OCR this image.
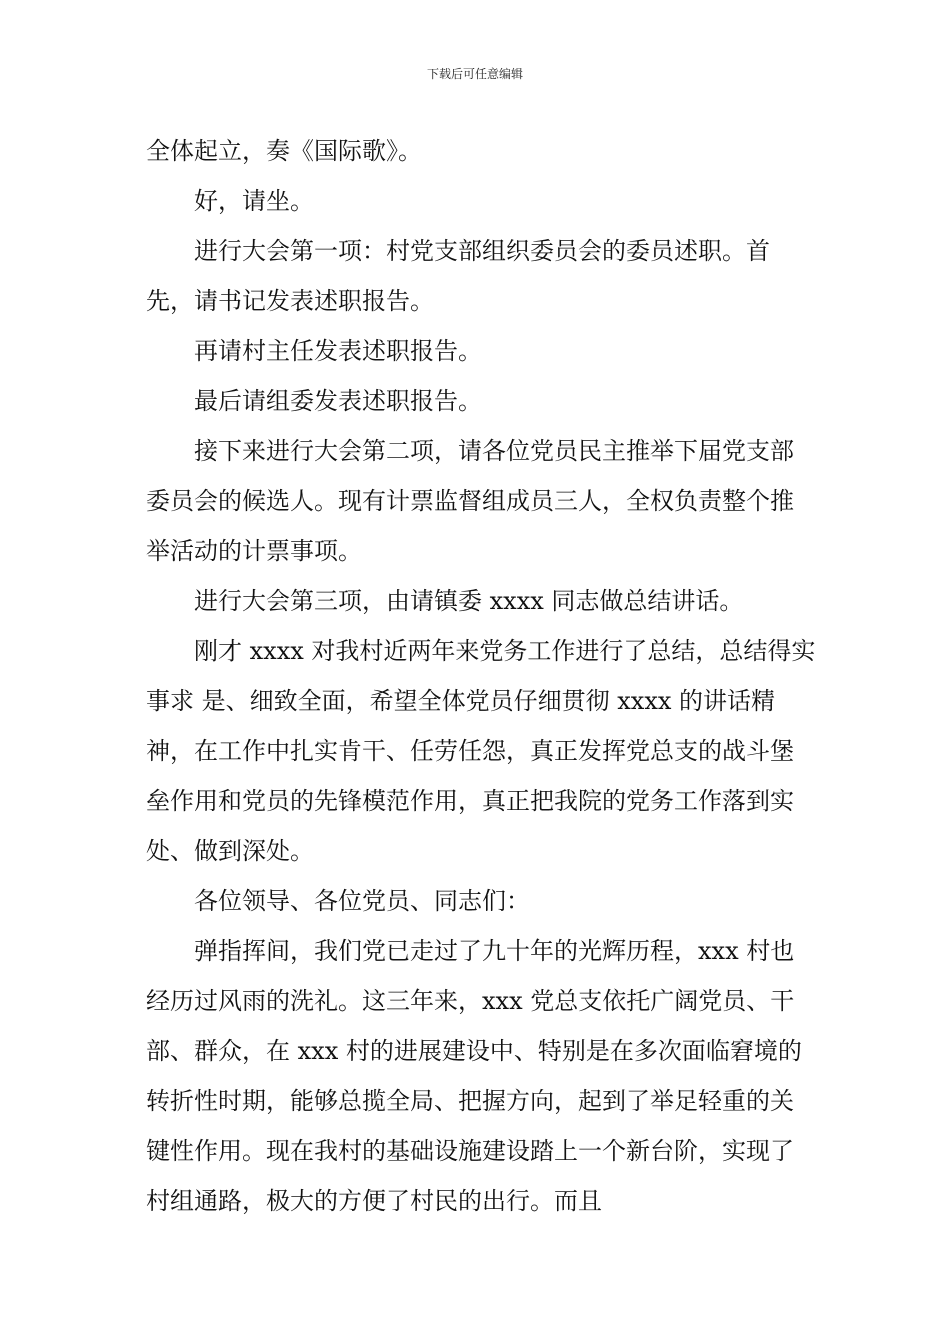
下载后可任意编辑

全体起立，奏《国际歌》。

好，请坐。

进行大会第一项：村党支部组织委员会的委员述职。首先，请书记发表述职报告。

再请村主任发表述职报告。

最后请组委发表述职报告。

接下来进行大会第二项，请各位党员民主推举下届党支部委员会的候选人。现有计票监督组成员三人，全权负责整个推举活动的计票事项。

进行大会第三项，由请镇委 xxxx 同志做总结讲话。

刚才 xxxx 对我村近两年来党务工作进行了总结，总结得实事求 是、细致全面，希望全体党员仔细贯彻 xxxx 的讲话精神，在工作中扎实肯干、任劳任怨，真正发挥党总支的战斗堡垒作用和党员的先锋模范作用，真正把我院的党务工作落到实处、做到深处。

各位领导、各位党员、同志们：

弹指挥间，我们党已走过了九十年的光辉历程，xxx 村也经历过风雨的洗礼。这三年来，xxx 党总支依托广阔党员、干部、群众，在 xxx 村的进展建设中、特别是在多次面临窘境的转折性时期，能够总揽全局、把握方向，起到了举足轻重的关键性作用。现在我村的基础设施建设踏上一个新台阶，实现了村组通路，极大的方便了村民的出行。而且
